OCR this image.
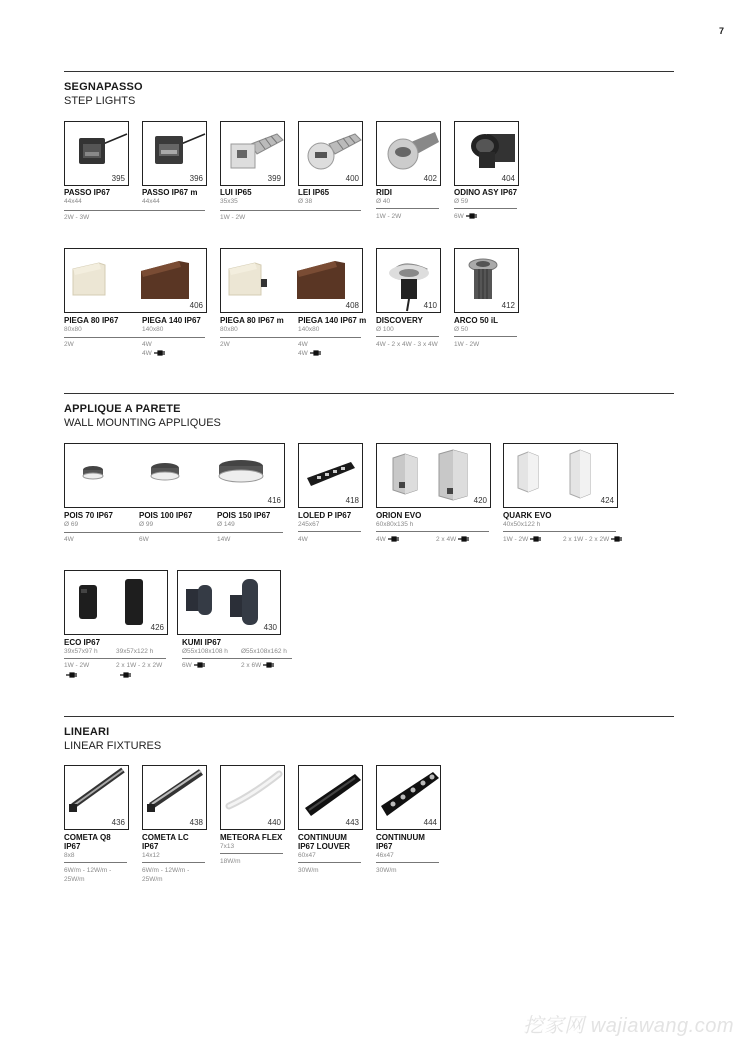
7
SEGNAPASSO
STEP LIGHTS
395	396	399	400	402	404
PASSO IP67
44x44
PASSO IP67 m
44x44
2W - 3W
LUI IP65
35x35
LEI IP65
Ø 38
1W - 2W
RIDI
Ø 40
1W - 2W
ODINO ASY IP67
Ø 59
6W
406	408	410	412
PIEGA 80 IP67
80x80
PIEGA 140 IP67
140x80
2W	4W
4W
PIEGA 80 IP67 m
80x80
PIEGA 140 IP67 m
140x80
2W	4W
4W
DISCOVERY
Ø 100
4W - 2 x 4W - 3 x 4W
ARCO 50 iL
Ø 50
1W - 2W
APPLIQUE A PARETE
WALL MOUNTING APPLIQUES
416	418	420	424
POIS 70 IP67
Ø 69
POIS 100 IP67
Ø 99
POIS 150 IP67
Ø 149
4W	6W	14W
LOLED P IP67
245x67
4W
ORION EVO
60x80x135 h
4W	2 x 4W
QUARK EVO
40x50x122 h
1W - 2W	2 x 1W - 2 x 2W
426	430
ECO IP67
39x57x97 h	39x57x122 h
1W - 2W	2 x 1W - 2 x 2W
KUMI IP67
Ø55x108x108 h Ø55x108x162 h
6W	2 x 6W
LINEARI
LINEAR FIXTURES
436	438	440	443	444
COMETA Q8 IP67
8x8
6W/m - 12W/m - 25W/m
COMETA LC IP67
14x12
6W/m - 12W/m - 25W/m
METEORA FLEX
7x13
18W/m
CONTINUUM IP67 LOUVER
60x47
30W/m
CONTINUUM IP67
46x47
30W/m
挖家网 wajiawang.com
